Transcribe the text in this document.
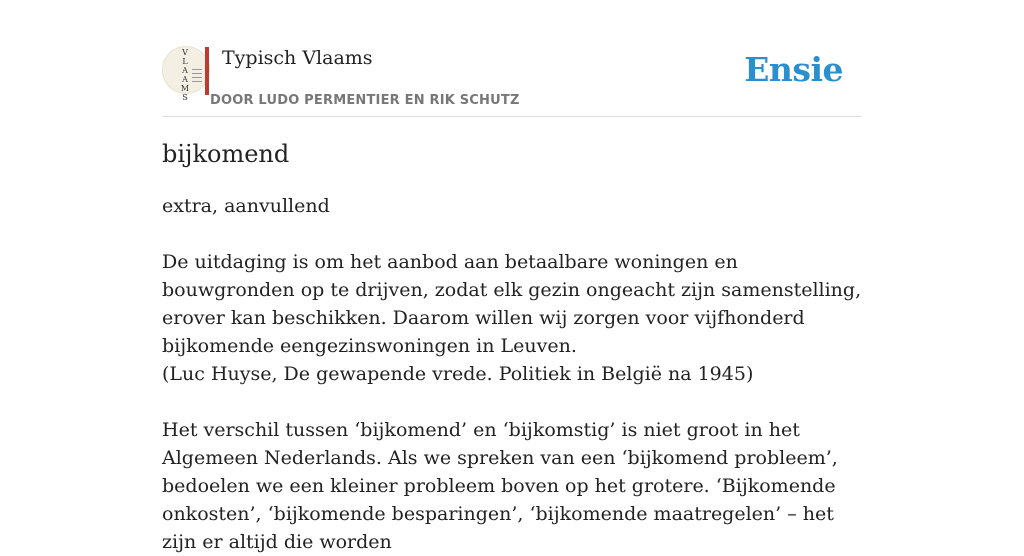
V
L
A
A
M
S
Typisch Vlaams
DOOR LUDO PERMENTIER EN RIK SCHUTZ
Ensie
bijkomend

extra, aanvullend

De uitdaging is om het aanbod aan betaalbare woningen en bouwgronden op te drijven, zodat elk gezin ongeacht zijn samenstelling, erover kan beschikken. Daarom willen wij zorgen voor vijfhonderd bijkomende eengezinswoningen in Leuven.
(Luc Huyse, De gewapende vrede. Politiek in België na 1945)

Het verschil tussen ‘bijkomend’ en ‘bijkomstig’ is niet groot in het Algemeen Nederlands. Als we spreken van een ‘bijkomend probleem’, bedoelen we een kleiner probleem boven op het grotere. ‘Bijkomende onkosten’, ‘bijkomende besparingen’, ‘bijkomende maatregelen’ – het zijn er altijd die worden
